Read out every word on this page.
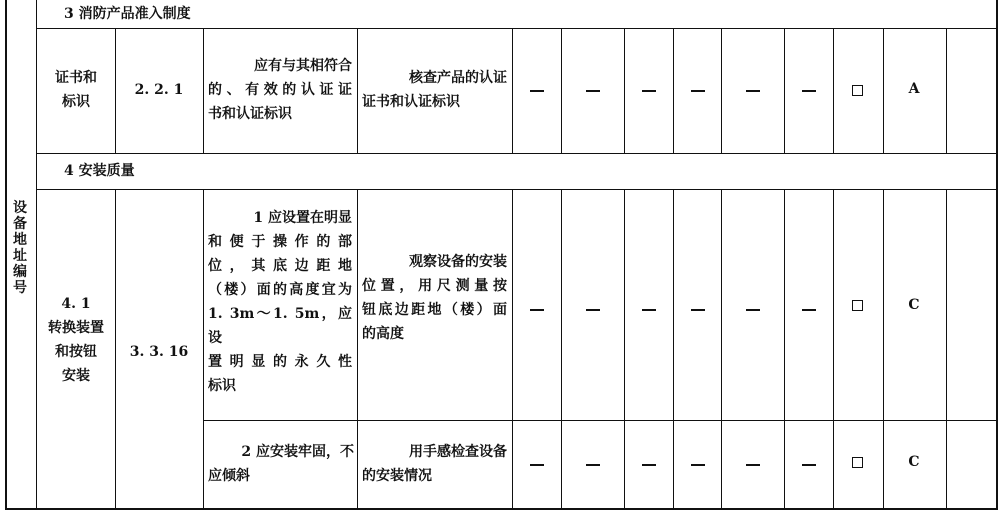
设
备
地
址
编
号
3 消防产品准入制度
证书和
标识
2. 2. 1
应有与其相符合
的、有效的认证证
书和认证标识
核查产品的认证
证书和认证标识
A
4 安装质量
4. 1
转换装置
和按钮
安装
3. 3. 16
1 应设置在明显
和便于操作的部
位，其底边距地
（楼）面的高度宜为
1. 3m～1. 5m，应设
置明显的永久性
标识
观察设备的安装
位置，用尺测量按
钮底边距地（楼）面
的高度
C
2 应安装牢固，不
应倾斜
用手感检查设备
的安装情况
C
